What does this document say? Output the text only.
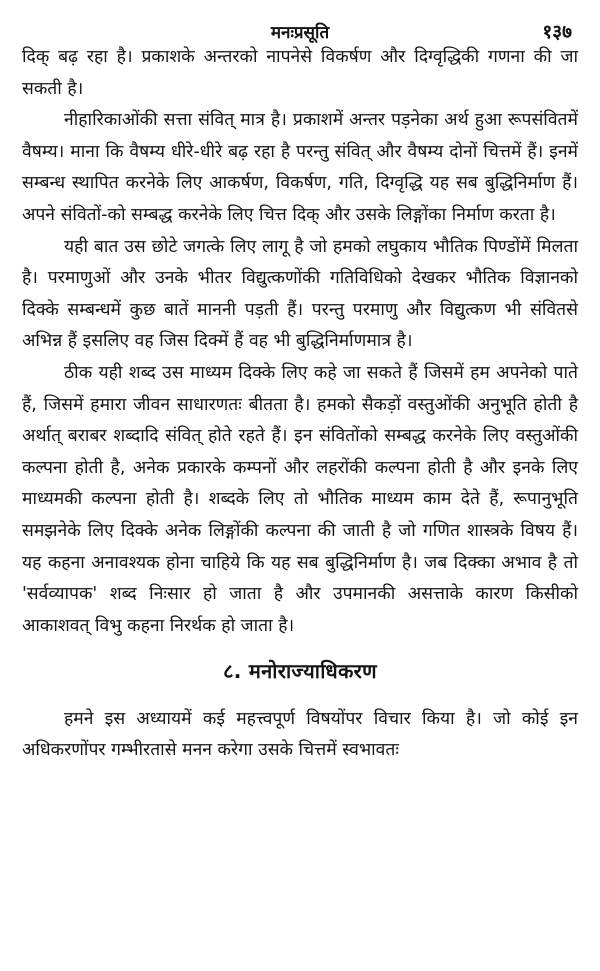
मनःप्रसूति	१३७

दिक् बढ़ रहा है। प्रकाशके अन्तरको नापनेसे विकर्षण और दिग्वृद्धिकी गणना की जा सकती है।

नीहारिकाओंकी सत्ता संवित् मात्र है। प्रकाशमें अन्तर पड़नेका अर्थ हुआ रूपसंवितमें वैषम्य। माना कि वैषम्य धीरे-धीरे बढ़ रहा है परन्तु संवित् और वैषम्य दोनों चित्तमें हैं। इनमें सम्बन्ध स्थापित करनेके लिए आकर्षण, विकर्षण, गति, दिग्वृद्धि यह सब बुद्धिनिर्माण हैं। अपने संवितों-को सम्बद्ध करनेके लिए चित्त दिक् और उसके लिङ्गोंका निर्माण करता है।

यही बात उस छोटे जगत्के लिए लागू है जो हमको लघुकाय भौतिक पिण्डोंमें मिलता है। परमाणुओं और उनके भीतर विद्युत्कणोंकी गतिविधिको देखकर भौतिक विज्ञानको दिक्के सम्बन्धमें कुछ बातें माननी पड़ती हैं। परन्तु परमाणु और विद्युत्कण भी संवितसे अभिन्न हैं इसलिए वह जिस दिक्में हैं वह भी बुद्धिनिर्माणमात्र है।

ठीक यही शब्द उस माध्यम दिक्के लिए कहे जा सकते हैं जिसमें हम अपनेको पाते हैं, जिसमें हमारा जीवन साधारणतः बीतता है। हमको सैकड़ों वस्तुओंकी अनुभूति होती है अर्थात् बराबर शब्दादि संवित् होते रहते हैं। इन संवितोंको सम्बद्ध करनेके लिए वस्तुओंकी कल्पना होती है, अनेक प्रकारके कम्पनों और लहरोंकी कल्पना होती है और इनके लिए माध्यमकी कल्पना होती है। शब्दके लिए तो भौतिक माध्यम काम देते हैं, रूपानुभूति समझनेके लिए दिक्के अनेक लिङ्गोंकी कल्पना की जाती है जो गणित शास्त्रके विषय हैं। यह कहना अनावश्यक होना चाहिये कि यह सब बुद्धिनिर्माण है। जब दिक्का अभाव है तो 'सर्वव्यापक' शब्द निःसार हो जाता है और उपमानकी असत्ताके कारण किसीको आकाशवत् विभु कहना निरर्थक हो जाता है।

८. मनोराज्याधिकरण

हमने इस अध्यायमें कई महत्त्वपूर्ण विषयोंपर विचार किया है। जो कोई इन अधिकरणोंपर गम्भीरतासे मनन करेगा उसके चित्तमें स्वभावतः
